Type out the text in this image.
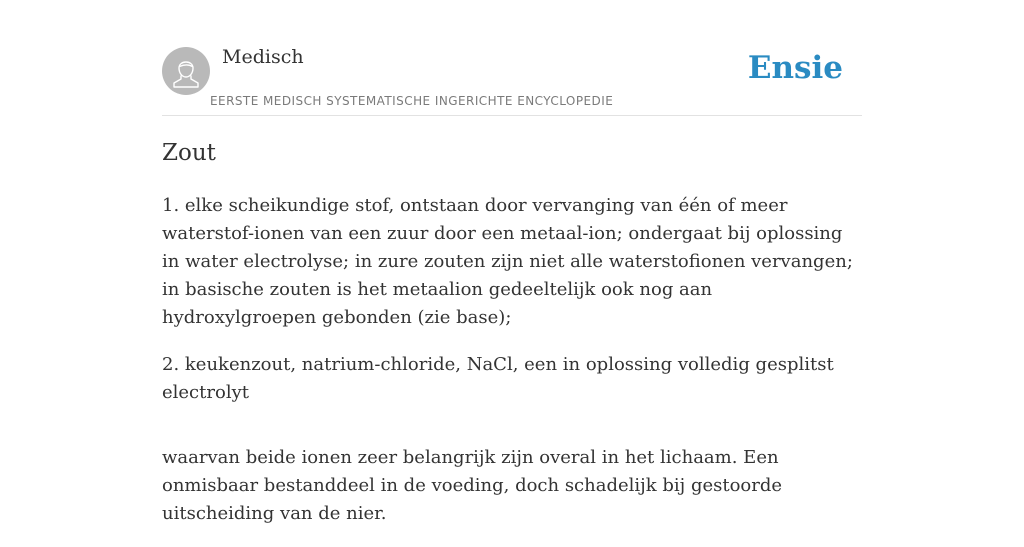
Medisch
EERSTE MEDISCH SYSTEMATISCHE INGERICHTE ENCYCLOPEDIE
Ensie
Zout

1. elke scheikundige stof, ontstaan door vervanging van één of meer waterstof-ionen van een zuur door een metaal-ion; ondergaat bij oplossing in water electrolyse; in zure zouten zijn niet alle waterstofionen vervangen; in basische zouten is het metaalion gedeeltelijk ook nog aan hydroxylgroepen gebonden (zie base);

2. keukenzout, natrium-chloride, NaCl, een in oplossing volledig gesplitst electrolyt

waarvan beide ionen zeer belangrijk zijn overal in het lichaam. Een onmisbaar bestanddeel in de voeding, doch schadelijk bij gestoorde uitscheiding van de nier.
